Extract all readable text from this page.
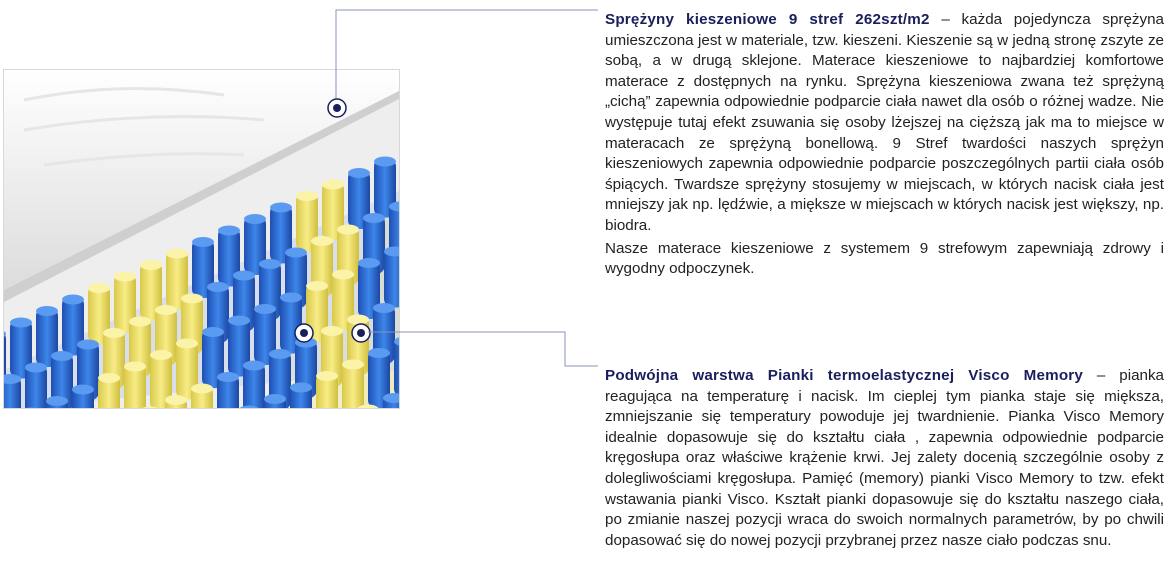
Sprężyny kieszeniowe 9 stref 262szt/m2 – każda pojedyncza sprężyna umieszczona jest w materiale, tzw. kieszeni. Kieszenie są w jedną stronę zszyte ze sobą, a w drugą sklejone. Materace kieszeniowe to najbardziej komfortowe materace z dostępnych na rynku. Sprężyna kieszeniowa zwana też sprężyną „cichą” zapewnia odpowiednie podparcie ciała nawet dla osób o różnej wadze. Nie występuje tutaj efekt zsuwania się osoby lżejszej na cięższą jak ma to miejsce w materacach ze sprężyną bonellową. 9 Stref twardości naszych sprężyn kieszeniowych zapewnia odpowiednie podparcie poszczególnych partii ciała osób śpiących. Twardsze sprężyny stosujemy w miejscach, w których nacisk ciała jest mniejszy jak np. lędźwie, a miększe w miejscach w których nacisk jest większy, np. biodra.

Nasze materace kieszeniowe z systemem 9 strefowym zapewniają zdrowy i wygodny odpoczynek.

Podwójna warstwa Pianki termoelastycznej Visco Memory – pianka reagująca na temperaturę i nacisk. Im cieplej tym pianka staje się miększa, zmniejszanie się temperatury powoduje jej twardnienie. Pianka Visco Memory idealnie dopasowuje się do kształtu ciała , zapewnia odpowiednie podparcie kręgosłupa oraz właściwe krążenie krwi. Jej zalety docenią szczególnie osoby z dolegliwościami kręgosłupa. Pamięć (memory) pianki Visco Memory to tzw. efekt wstawania pianki Visco. Kształt pianki dopasowuje się do kształtu naszego ciała, po zmianie naszej pozycji wraca do swoich normalnych parametrów, by po chwili dopasować się do nowej pozycji przybranej przez nasze ciało podczas snu.
